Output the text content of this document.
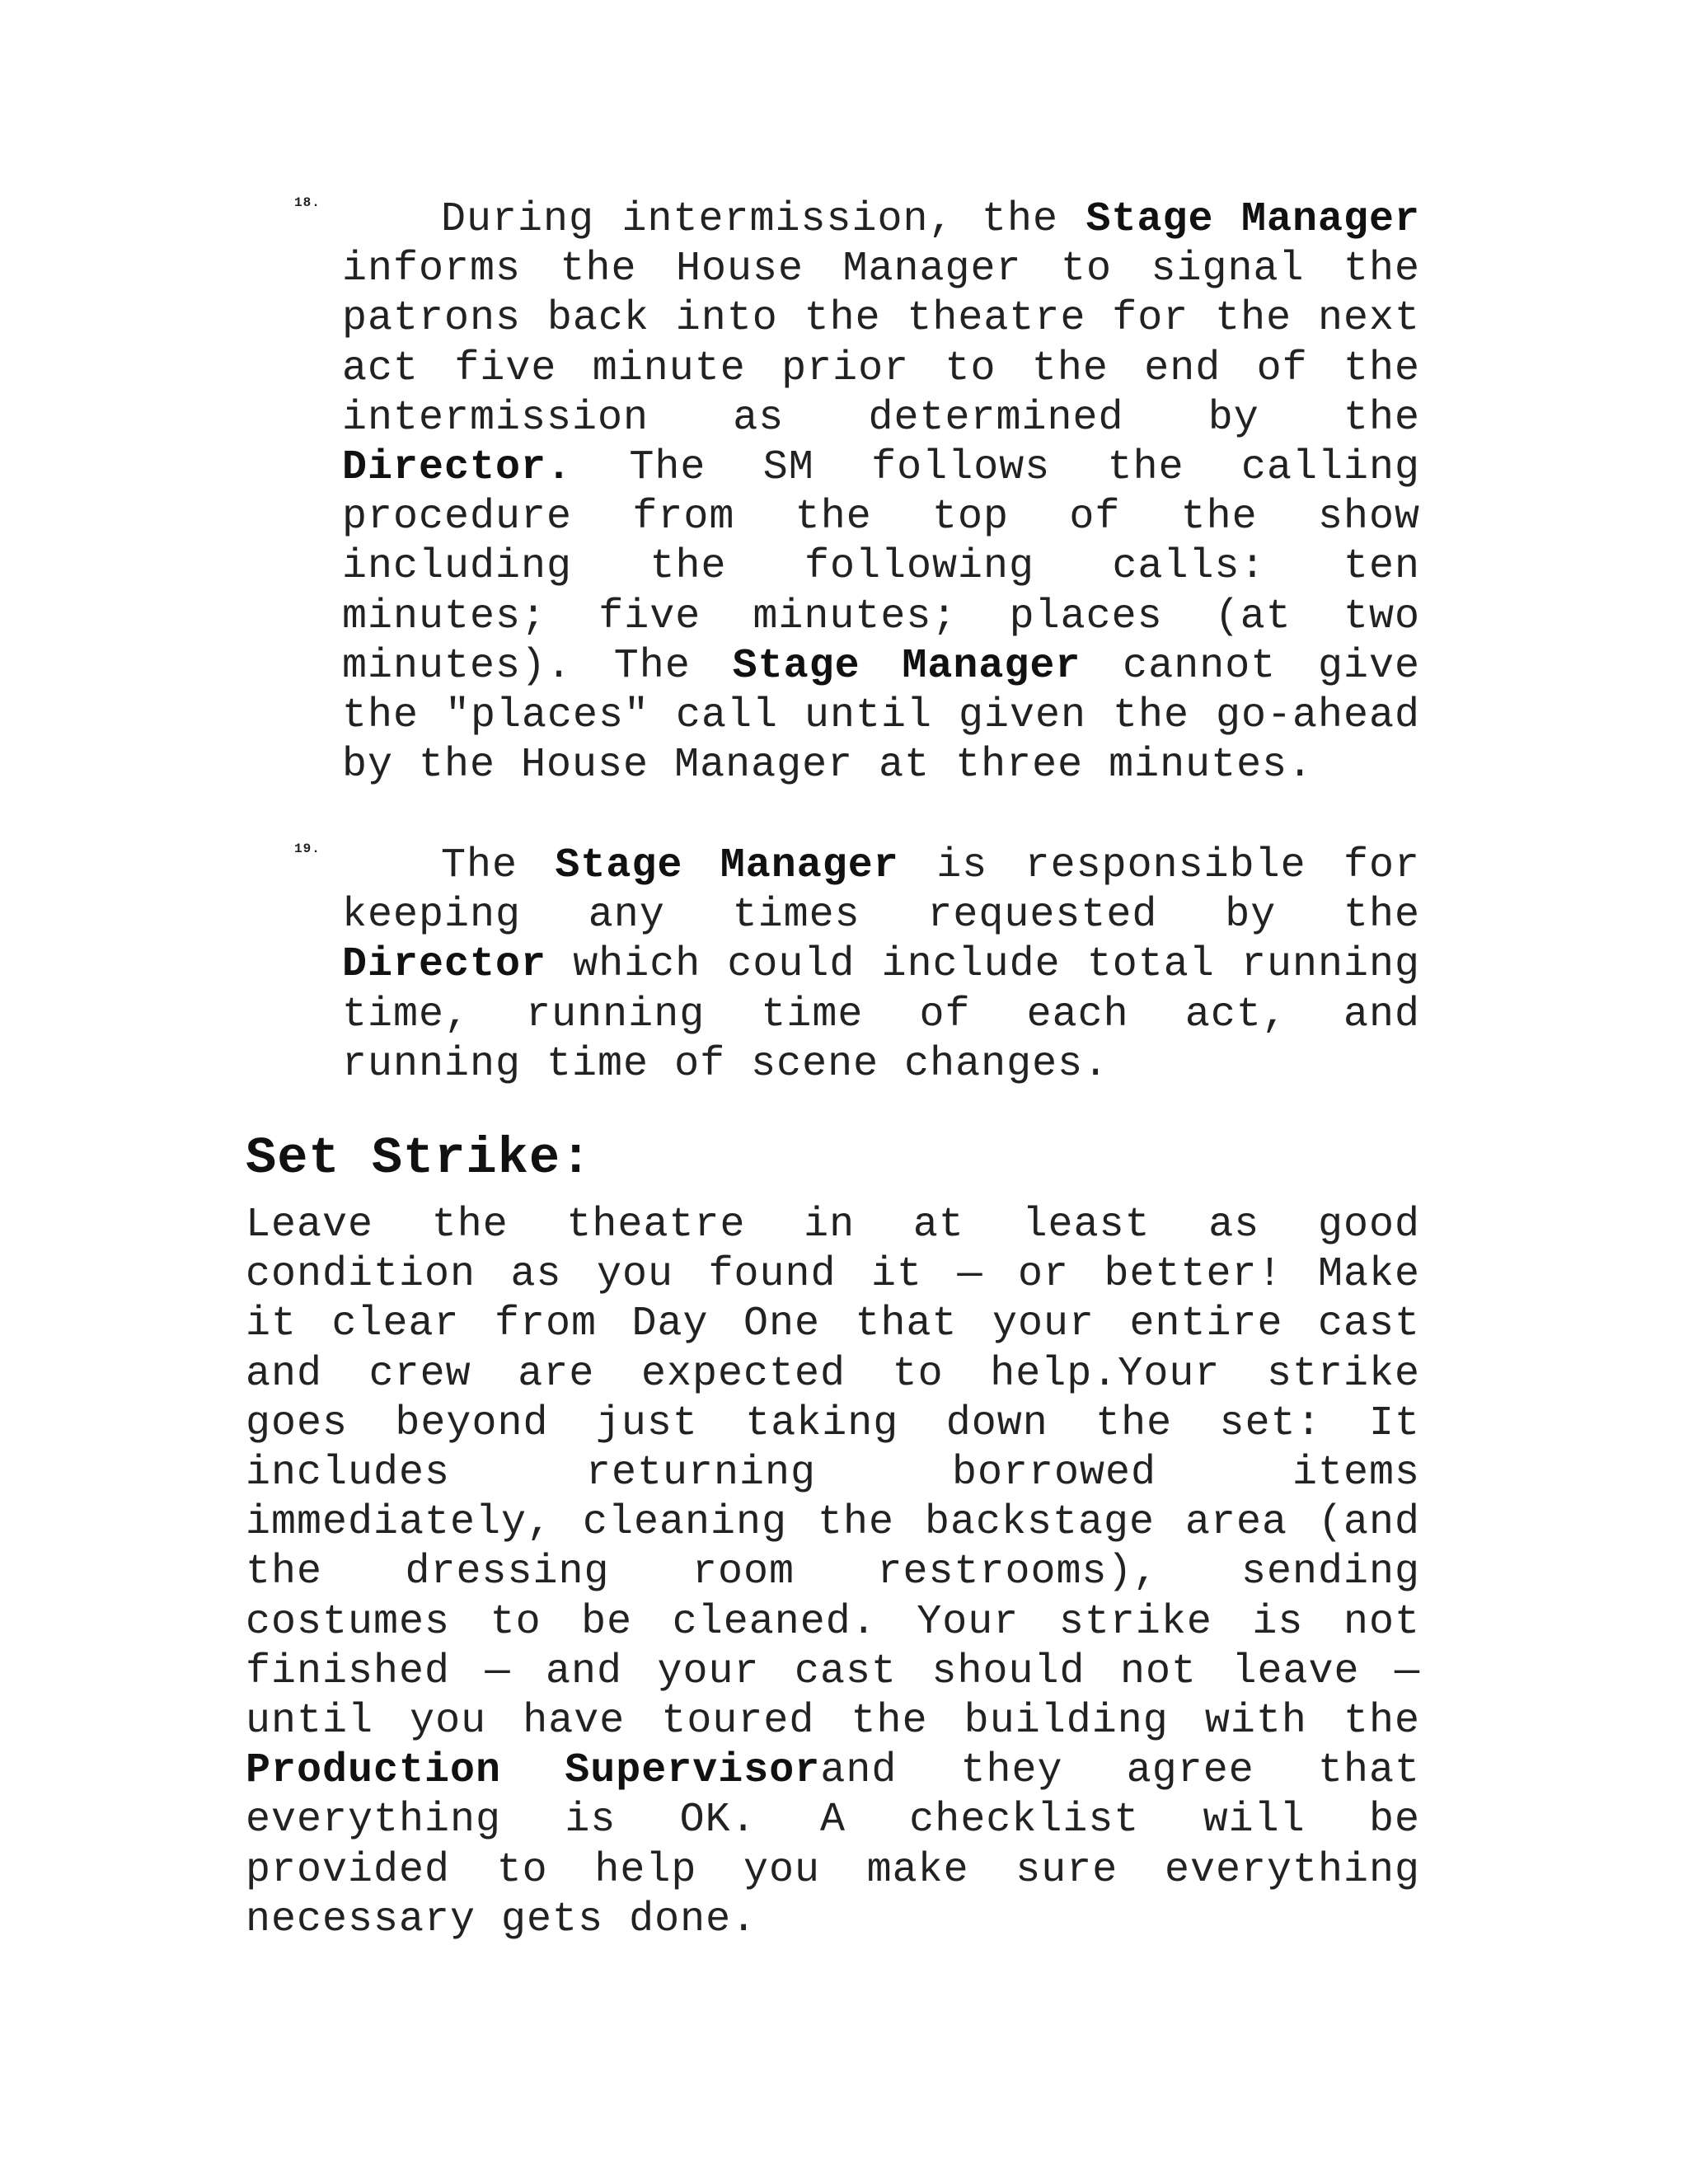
18.	During intermission, the Stage Manager informs the House Manager to signal the patrons back into the theatre for the next act five minute prior to the end of the intermission as determined by the Director. The SM follows the calling procedure from the top of the show including the following calls: ten minutes; five minutes; places (at two minutes). The Stage Manager cannot give the "places" call until given the go-ahead by the House Manager at three minutes.

19.	The Stage Manager is responsible for keeping any times requested by the Director which could include total running time, running time of each act, and running time of scene changes.

Set Strike:

Leave the theatre in at least as good condition as you found it — or better! Make it clear from Day One that your entire cast and crew are expected to help.Your strike goes beyond just taking down the set: It includes returning borrowed items immediately, cleaning the backstage area (and the dressing room restrooms), sending costumes to be cleaned. Your strike is not finished — and your cast should not leave — until you have toured the building with the Production Supervisorand they agree that everything is OK. A checklist will be provided to help you make sure everything necessary gets done.
